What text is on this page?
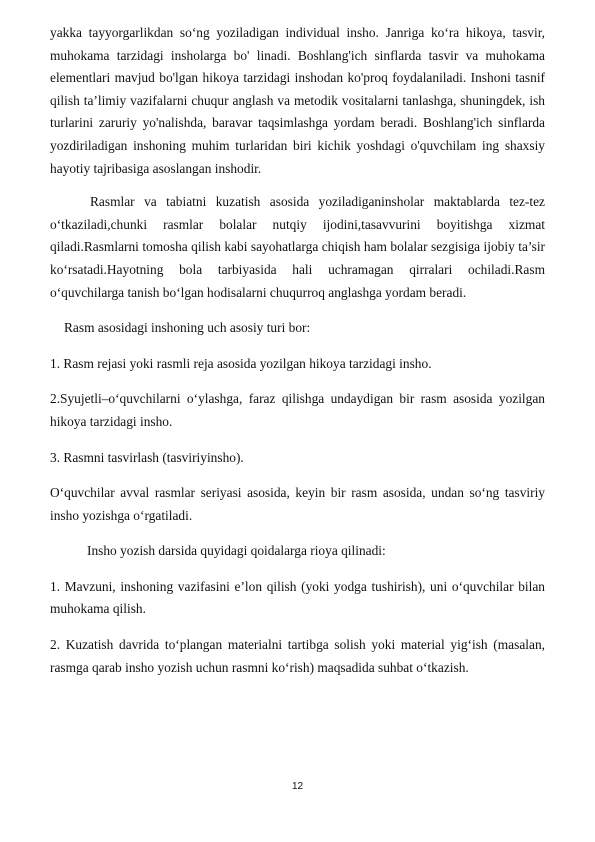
yakka tayyorgarlikdan so‘ng yoziladigan individual insho. Janriga ko‘ra hikoya, tasvir, muhokama tarzidagi insholarga bo' linadi. Boshlang'ich sinflarda tasvir va muhokama elementlari mavjud bo'lgan hikoya tarzidagi inshodan ko'proq foydalaniladi. Inshoni tasnif qilish ta’limiy vazifalarni chuqur anglash va metodik vositalarni tanlashga, shuningdek, ish turlarini zaruriy yo'nalishda, baravar taqsimlashga yordam beradi. Boshlang'ich sinflarda yozdiriladigan inshoning muhim turlaridan biri kichik yoshdagi o'quvchilam ing shaxsiy hayotiy tajribasiga asoslangan inshodir.

Rasmlar va tabiatni kuzatish asosida yoziladiganinsholar maktablarda tez-tez o‘tkaziladi,chunki rasmlar bolalar nutqiy ijodini,tasavvurini boyitishga xizmat qiladi.Rasmlarni tomosha qilish kabi sayohatlarga chiqish ham bolalar sezgisiga ijobiy ta’sir ko‘rsatadi.Hayotning bola tarbiyasida hali uchramagan qirralari ochiladi.Rasm o‘quvchilarga tanish bo‘lgan hodisalarni chuqurroq anglashga yordam beradi.

Rasm asosidagi inshoning uch asosiy turi bor:

1. Rasm rejasi yoki rasmli reja asosida yozilgan hikoya tarzidagi insho.

2.Syujetli–o‘quvchilarni o‘ylashga, faraz qilishga undaydigan bir rasm asosida yozilgan hikoya tarzidagi insho.

3. Rasmni tasvirlash (tasviriyinsho).

O‘quvchilar avval rasmlar seriyasi asosida, keyin bir rasm asosida, undan so‘ng tasviriy insho yozishga o‘rgatiladi.

Insho yozish darsida quyidagi qoidalarga rioya qilinadi:

1. Mavzuni, inshoning vazifasini e’lon qilish (yoki yodga tushirish), uni o‘quvchilar bilan muhokama qilish.

2. Kuzatish davrida to‘plangan materialni tartibga solish yoki material yig‘ish (masalan, rasmga qarab insho yozish uchun rasmni ko‘rish) maqsadida suhbat o‘tkazish.

12
